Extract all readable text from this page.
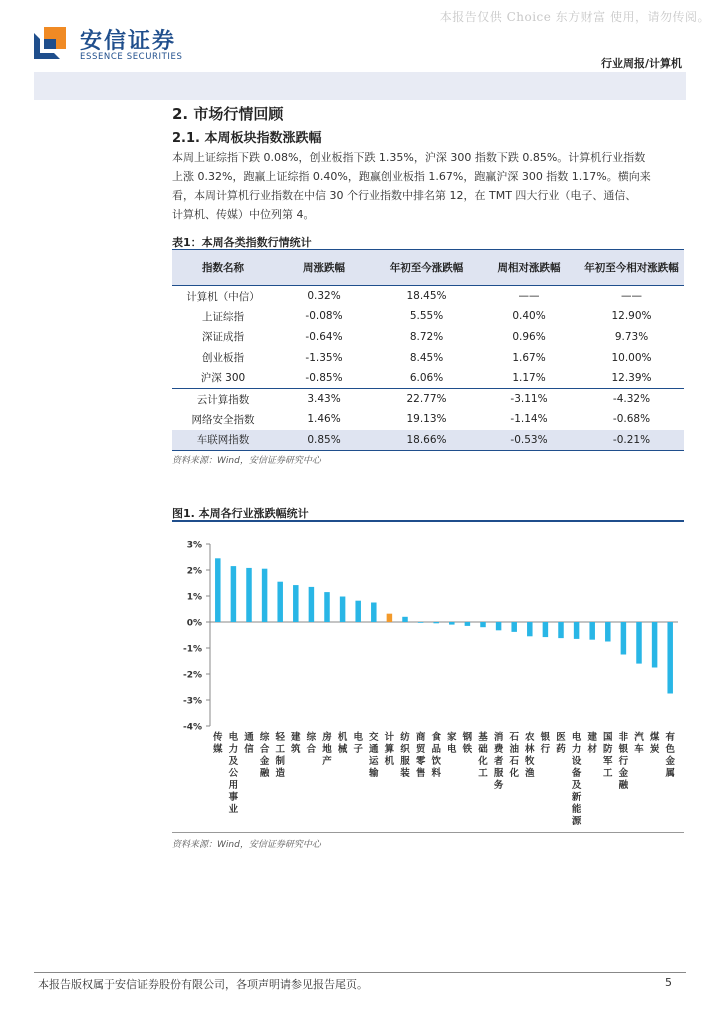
本报告仅供 Choice 东方财富 使用，请勿传阅。
安信证券
ESSENCE SECURITIES	行业周报/计算机
2. 市场行情回顾
2.1. 本周板块指数涨跌幅

本周上证综指下跌 0.08%，创业板指下跌 1.35%，沪深 300 指数下跌 0.85%。计算机行业指数

上涨 0.32%，跑赢上证综指 0.40%，跑赢创业板指 1.67%，跑赢沪深 300 指数 1.17%。横向来

看，本周计算机行业指数在中信 30 个行业指数中排名第 12，在 TMT 四大行业（电子、通信、

计算机、传媒）中位列第 4。

表1：本周各类指数行情统计
指数名称	周涨跌幅	年初至今涨跌幅	周相对涨跌幅	年初至今相对涨跌幅
计算机（中信）	0.32%	18.45%	——	——
上证综指	-0.08%	5.55%	0.40%	12.90%
深证成指	-0.64%	8.72%	0.96%	9.73%
创业板指	-1.35%	8.45%	1.67%	10.00%
沪深 300	-0.85%	6.06%	1.17%	12.39%
云计算指数	3.43%	22.77%	-3.11%	-4.32%
网络安全指数	1.46%	19.13%	-1.14%	-0.68%
车联网指数	0.85%	18.66%	-0.53%	-0.21%
资料来源：Wind，安信证券研究中心
图1. 本周各行业涨跌幅统计
3%
2%
1%
0%
-1%
-2%
-3%
-4%
传媒
电力及公用事业
通信
综合金融
轻工制造
建筑
综合
房地产
机械
电子
交通运输
计算机
纺织服装
商贸零售
食品饮料
家电
钢铁
基础化工
消费者服务
石油石化
农林牧渔
银行
医药
电力设备及新能源
建材
国防军工
非银行金融
汽车
煤炭
有色金属
资料来源：Wind，安信证券研究中心
本报告版权属于安信证券股份有限公司，各项声明请参见报告尾页。	5
